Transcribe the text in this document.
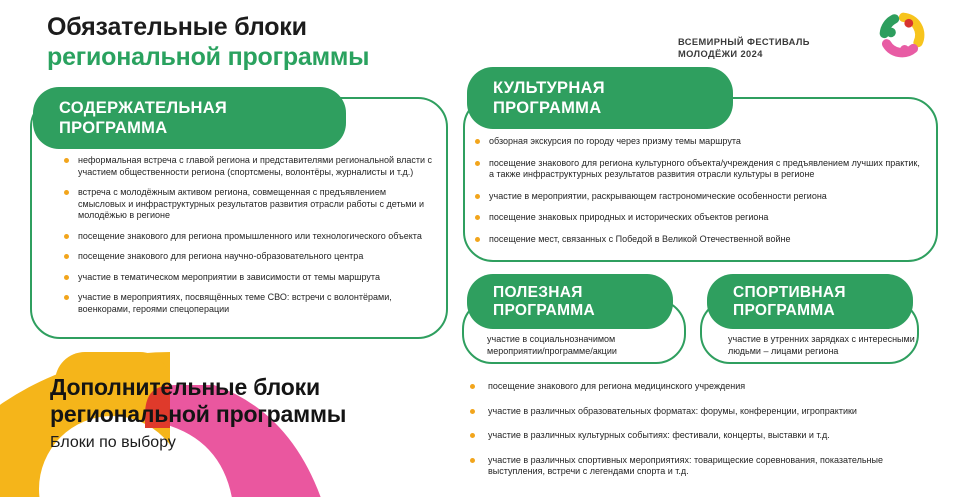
Обязательные блоки
региональной программы
ВСЕМИРНЫЙ ФЕСТИВАЛЬ
МОЛОДЁЖИ 2024
СОДЕРЖАТЕЛЬНАЯ
ПРОГРАММА
неформальная встреча с главой региона и представителями региональной власти с участием общественности региона (спортсмены, волонтёры, журналисты и т.д.)
встреча с молодёжным активом региона, совмещенная с предъявлением смысловых и инфраструктурных результатов развития отрасли работы с детьми и молодёжью в регионе
посещение знакового для региона промышленного или технологического объекта
посещение знакового для региона научно-образовательного центра
участие в тематическом мероприятии в зависимости от темы маршрута
участие в мероприятиях, посвящённых теме СВО: встречи с волонтёрами, военкорами, героями спецоперации
КУЛЬТУРНАЯ
ПРОГРАММА
обзорная экскурсия по городу через призму темы маршрута
посещение знакового для региона культурного объекта/учреждения с предъявлением лучших практик, а также инфраструктурных результатов развития отрасли культуры в регионе
участие в мероприятии, раскрывающем гастрономические особенности региона
посещение знаковых природных и исторических объектов региона
посещение мест, связанных с Победой в Великой Отечественной войне
ПОЛЕЗНАЯ
ПРОГРАММА
участие в социальнозначимом мероприятии/программе/акции
СПОРТИВНАЯ
ПРОГРАММА
участие в утренних зарядках с интересными людьми – лицами региона
Дополнительные блоки
региональной программы
Блоки по выбору
посещение знакового для региона медицинского учреждения
участие в различных образовательных форматах: форумы, конференции, игропрактики
участие в различных культурных событиях: фестивали, концерты, выставки и т.д.
участие в различных спортивных мероприятиях: товарищеские соревнования, показательные выступления, встречи с легендами спорта и т.д.
